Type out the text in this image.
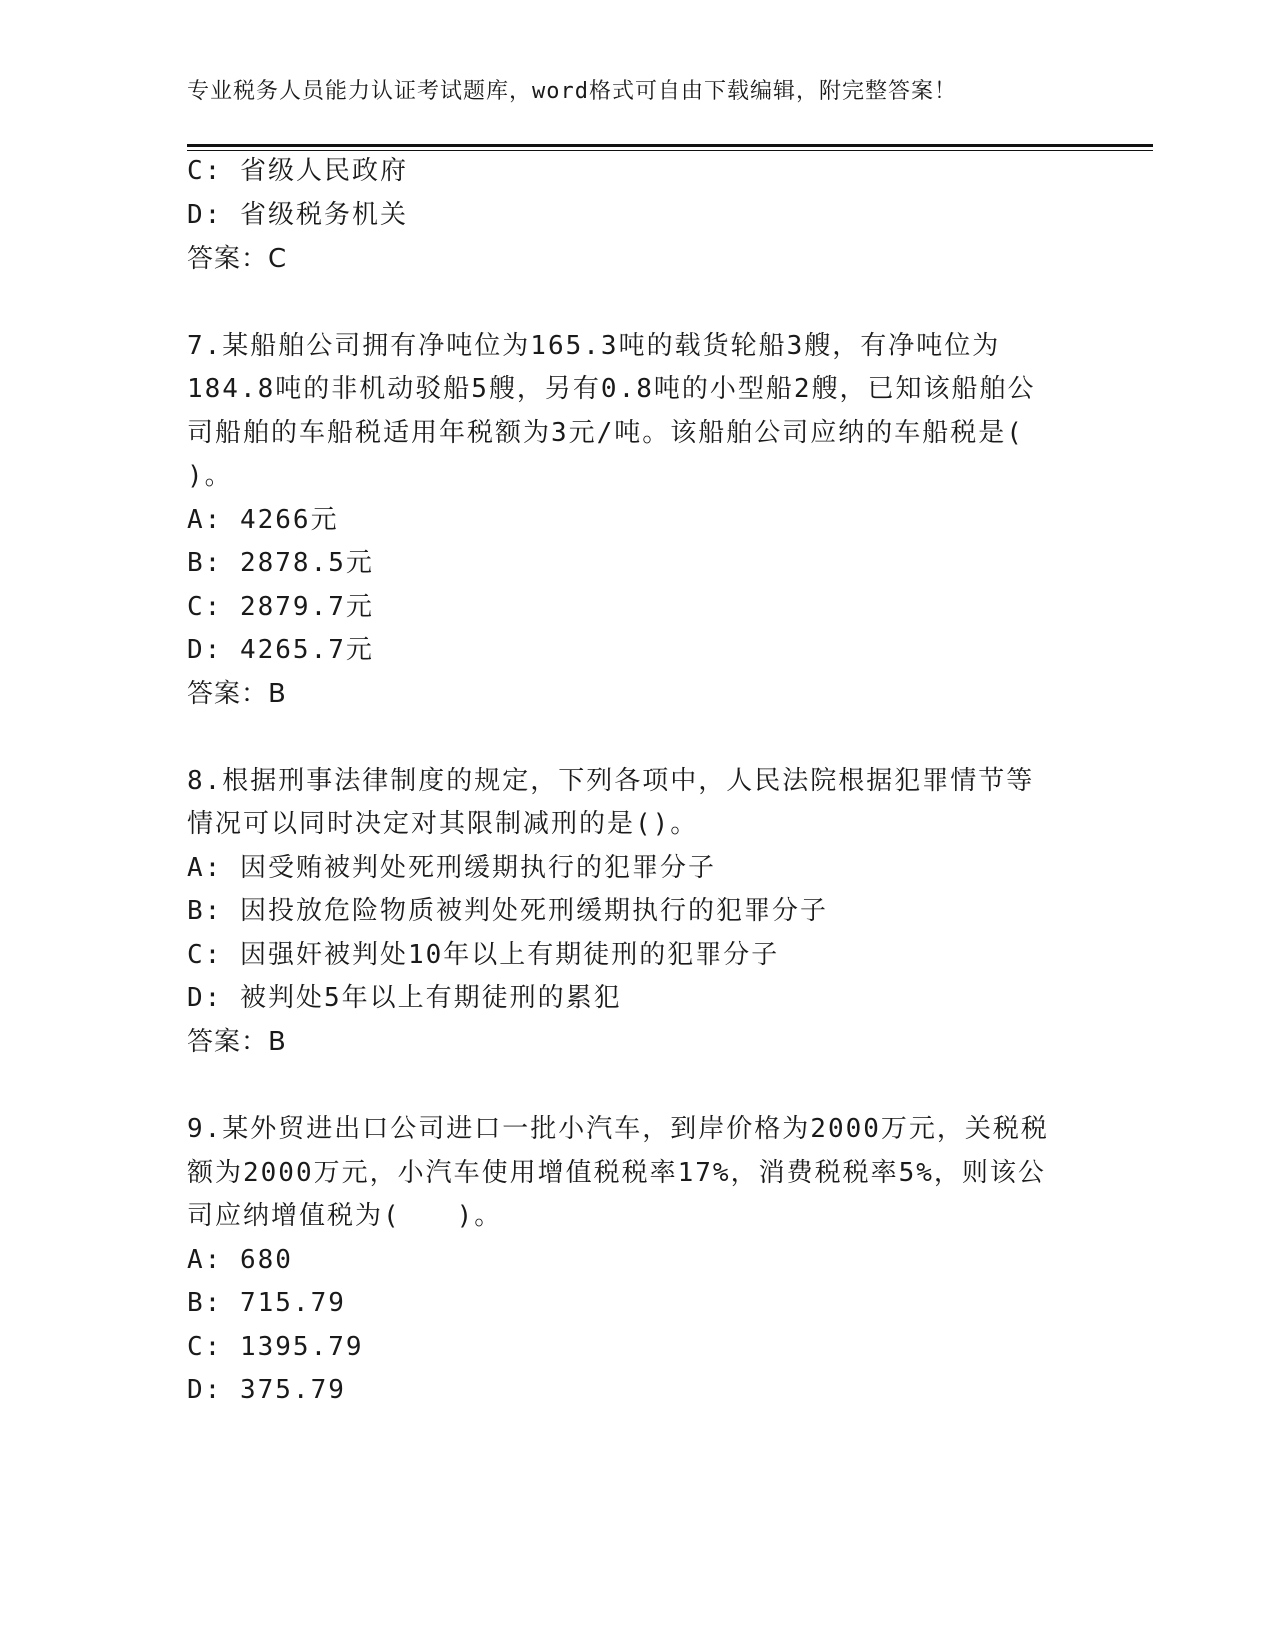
专业税务人员能力认证考试题库，word格式可自由下载编辑，附完整答案！
C: 省级人民政府
D: 省级税务机关
答案：C
7.某船舶公司拥有净吨位为165.3吨的载货轮船3艘，有净吨位为
184.8吨的非机动驳船5艘，另有0.8吨的小型船2艘，已知该船舶公
司船舶的车船税适用年税额为3元/吨。该船舶公司应纳的车船税是(
)。
A: 4266元
B: 2878.5元
C: 2879.7元
D: 4265.7元
答案：B
8.根据刑事法律制度的规定，下列各项中，人民法院根据犯罪情节等
情况可以同时决定对其限制减刑的是()。
A: 因受贿被判处死刑缓期执行的犯罪分子
B: 因投放危险物质被判处死刑缓期执行的犯罪分子
C: 因强奸被判处10年以上有期徒刑的犯罪分子
D: 被判处5年以上有期徒刑的累犯
答案：B
9.某外贸进出口公司进口一批小汽车，到岸价格为2000万元，关税税
额为2000万元，小汽车使用增值税税率17%，消费税税率5%，则该公
司应纳增值税为(　　)。
A: 680
B: 715.79
C: 1395.79
D: 375.79
